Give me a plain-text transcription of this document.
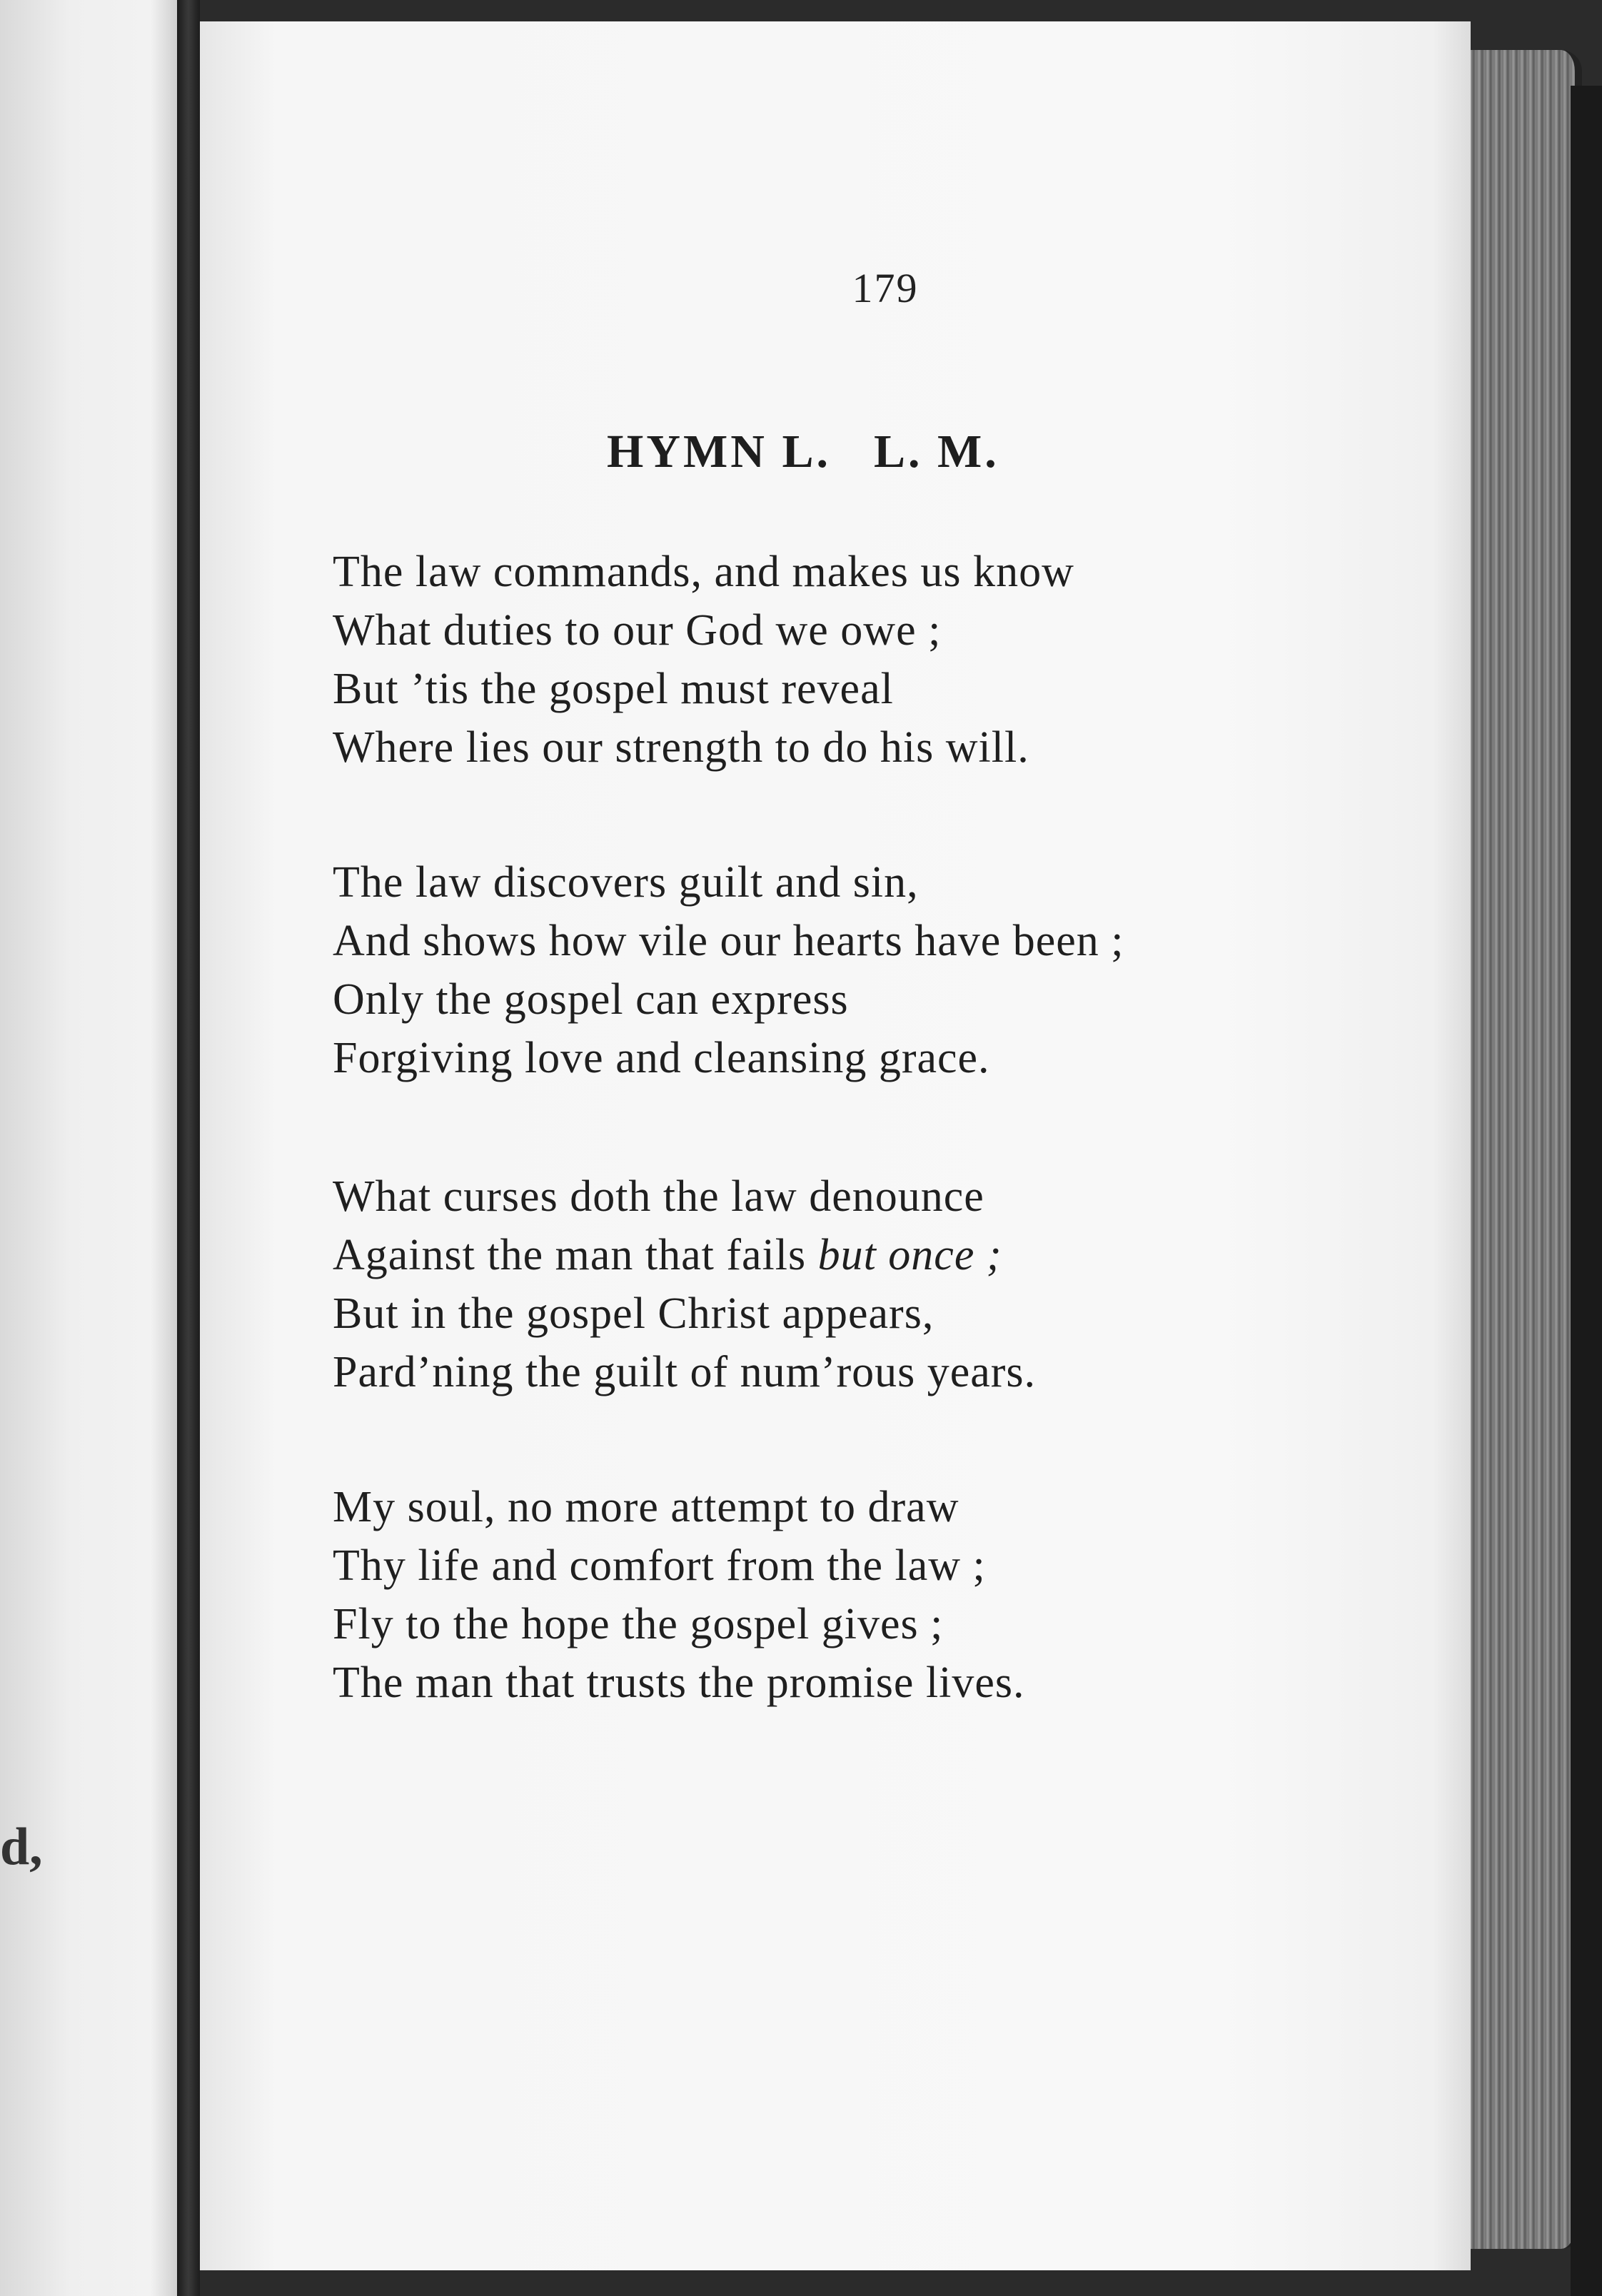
d,
179
HYMN L. L. M.
The law commands, and makes us know
What duties to our God we owe ;
But ’tis the gospel must reveal
Where lies our strength to do his will.
The law discovers guilt and sin,
And shows how vile our hearts have been ;
Only the gospel can express
Forgiving love and cleansing grace.
What curses doth the law denounce
Against the man that fails but once ;
But in the gospel Christ appears,
Pard’ning the guilt of num’rous years.
My soul, no more attempt to draw
Thy life and comfort from the law ;
Fly to the hope the gospel gives ;
The man that trusts the promise lives.
